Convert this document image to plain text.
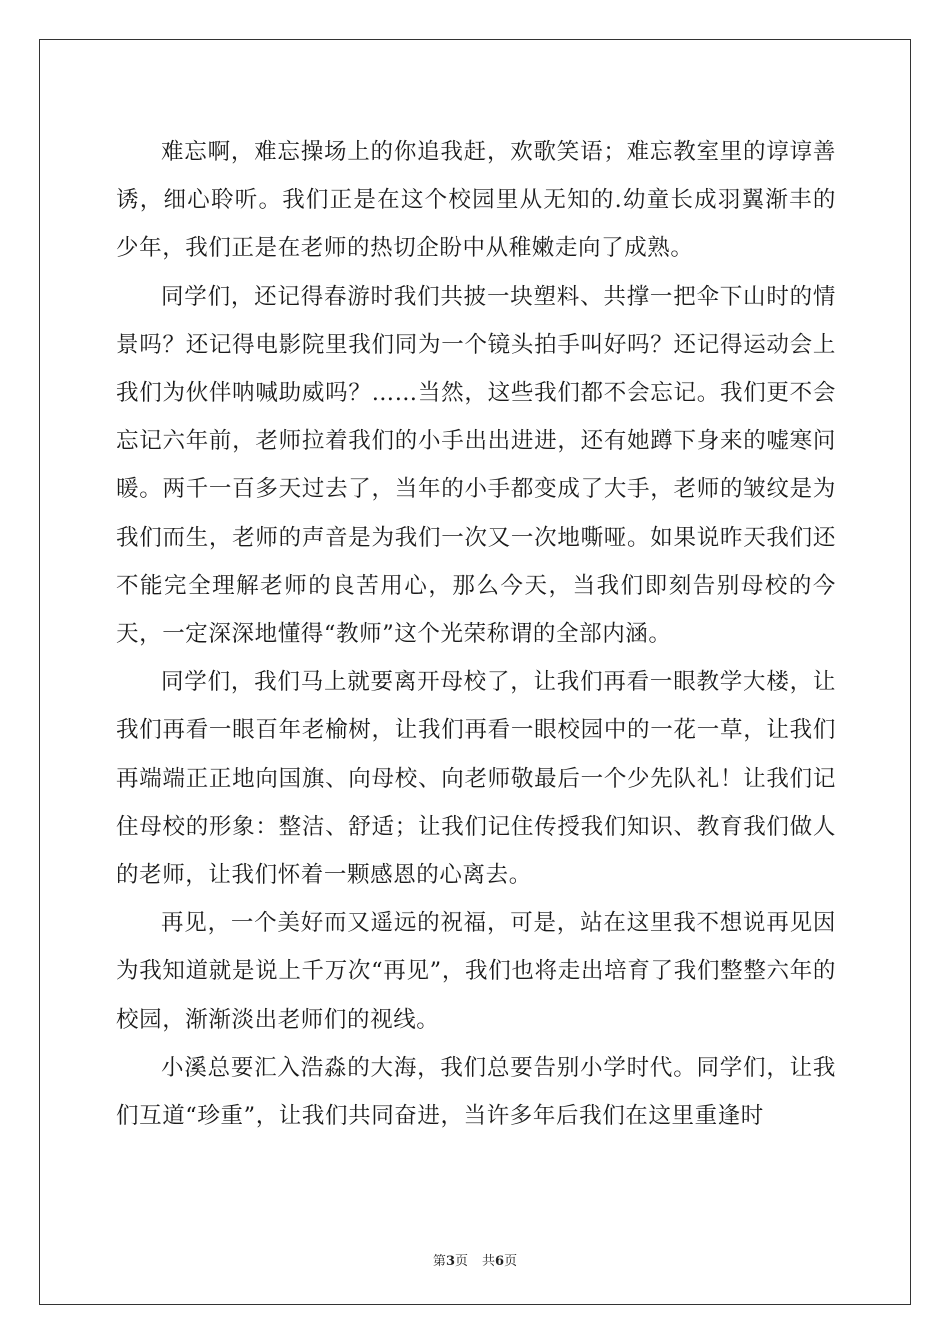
难忘啊，难忘操场上的你追我赶，欢歌笑语；难忘教室里的谆谆善诱，细心聆听。我们正是在这个校园里从无知的.幼童长成羽翼渐丰的少年，我们正是在老师的热切企盼中从稚嫩走向了成熟。

同学们，还记得春游时我们共披一块塑料、共撑一把伞下山时的情景吗？还记得电影院里我们同为一个镜头拍手叫好吗？还记得运动会上我们为伙伴呐喊助威吗？……当然，这些我们都不会忘记。我们更不会忘记六年前，老师拉着我们的小手出出进进，还有她蹲下身来的嘘寒问暖。两千一百多天过去了，当年的小手都变成了大手，老师的皱纹是为我们而生，老师的声音是为我们一次又一次地嘶哑。如果说昨天我们还不能完全理解老师的良苦用心，那么今天，当我们即刻告别母校的今天，一定深深地懂得“教师”这个光荣称谓的全部内涵。

同学们，我们马上就要离开母校了，让我们再看一眼教学大楼，让我们再看一眼百年老榆树，让我们再看一眼校园中的一花一草，让我们再端端正正地向国旗、向母校、向老师敬最后一个少先队礼！让我们记住母校的形象：整洁、舒适；让我们记住传授我们知识、教育我们做人的老师，让我们怀着一颗感恩的心离去。

再见，一个美好而又遥远的祝福，可是，站在这里我不想说再见因为我知道就是说上千万次“再见”，我们也将走出培育了我们整整六年的校园，渐渐淡出老师们的视线。

小溪总要汇入浩淼的大海，我们总要告别小学时代。同学们，让我们互道“珍重”，让我们共同奋进，当许多年后我们在这里重逢时

第3页 共6页
